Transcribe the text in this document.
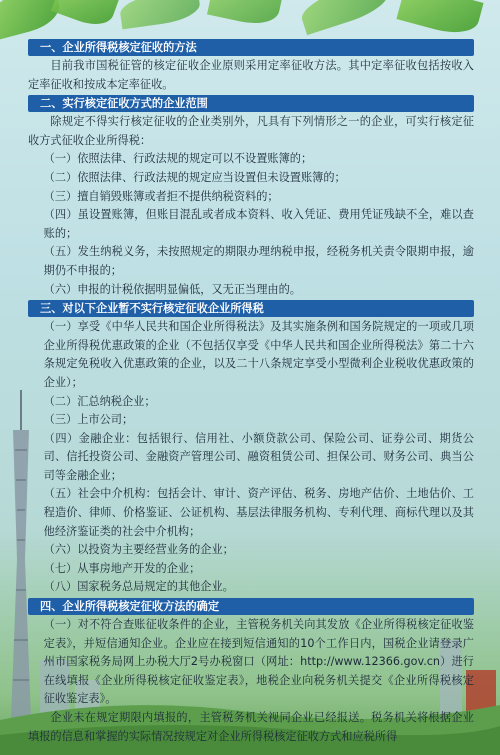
一、企业所得税核定征收的方法

目前我市国税征管的核定征收企业原则采用定率征收方法。其中定率征收包括按收入定率征收和按成本定率征收。

二、实行核定征收方式的企业范围

除规定不得实行核定征收的企业类别外，凡具有下列情形之一的企业，可实行核定征收方式征收企业所得税：

（一）依照法律、行政法规的规定可以不设置账簿的；

（二）依照法律、行政法规的规定应当设置但未设置账簿的；

（三）擅自销毁账簿或者拒不提供纳税资料的；

（四）虽设置账簿，但账目混乱或者成本资料、收入凭证、费用凭证残缺不全，难以查账的；

（五）发生纳税义务，未按照规定的期限办理纳税申报，经税务机关责令限期申报，逾期仍不申报的；

（六）申报的计税依据明显偏低，又无正当理由的。

三、对以下企业暂不实行核定征收企业所得税

（一）享受《中华人民共和国企业所得税法》及其实施条例和国务院规定的一项或几项企业所得税优惠政策的企业（不包括仅享受《中华人民共和国企业所得税法》第二十六条规定免税收入优惠政策的企业，以及二十八条规定享受小型微利企业税收优惠政策的企业）；

（二）汇总纳税企业；

（三）上市公司；

（四）金融企业：包括银行、信用社、小额贷款公司、保险公司、证券公司、期货公司、信托投资公司、金融资产管理公司、融资租赁公司、担保公司、财务公司、典当公司等金融企业；

（五）社会中介机构：包括会计、审计、资产评估、税务、房地产估价、土地估价、工程造价、律师、价格鉴证、公证机构、基层法律服务机构、专利代理、商标代理以及其他经济鉴证类的社会中介机构；

（六）以投资为主要经营业务的企业；

（七）从事房地产开发的企业；

（八）国家税务总局规定的其他企业。

四、企业所得税核定征收方法的确定

（一）对不符合查账征收条件的企业，主管税务机关向其发放《企业所得税核定征收鉴定表》，并短信通知企业。企业应在接到短信通知的10个工作日内，国税企业请登录广州市国家税务局网上办税大厅2号办税窗口（网址：http://www.12366.gov.cn）进行在线填报《企业所得税核定征收鉴定表》，地税企业向税务机关提交《企业所得税核定征收鉴定表》。

企业未在规定期限内填报的，主管税务机关视同企业已经报送。税务机关将根据企业填报的信息和掌握的实际情况按规定对企业所得税核定征收方式和应税所得
